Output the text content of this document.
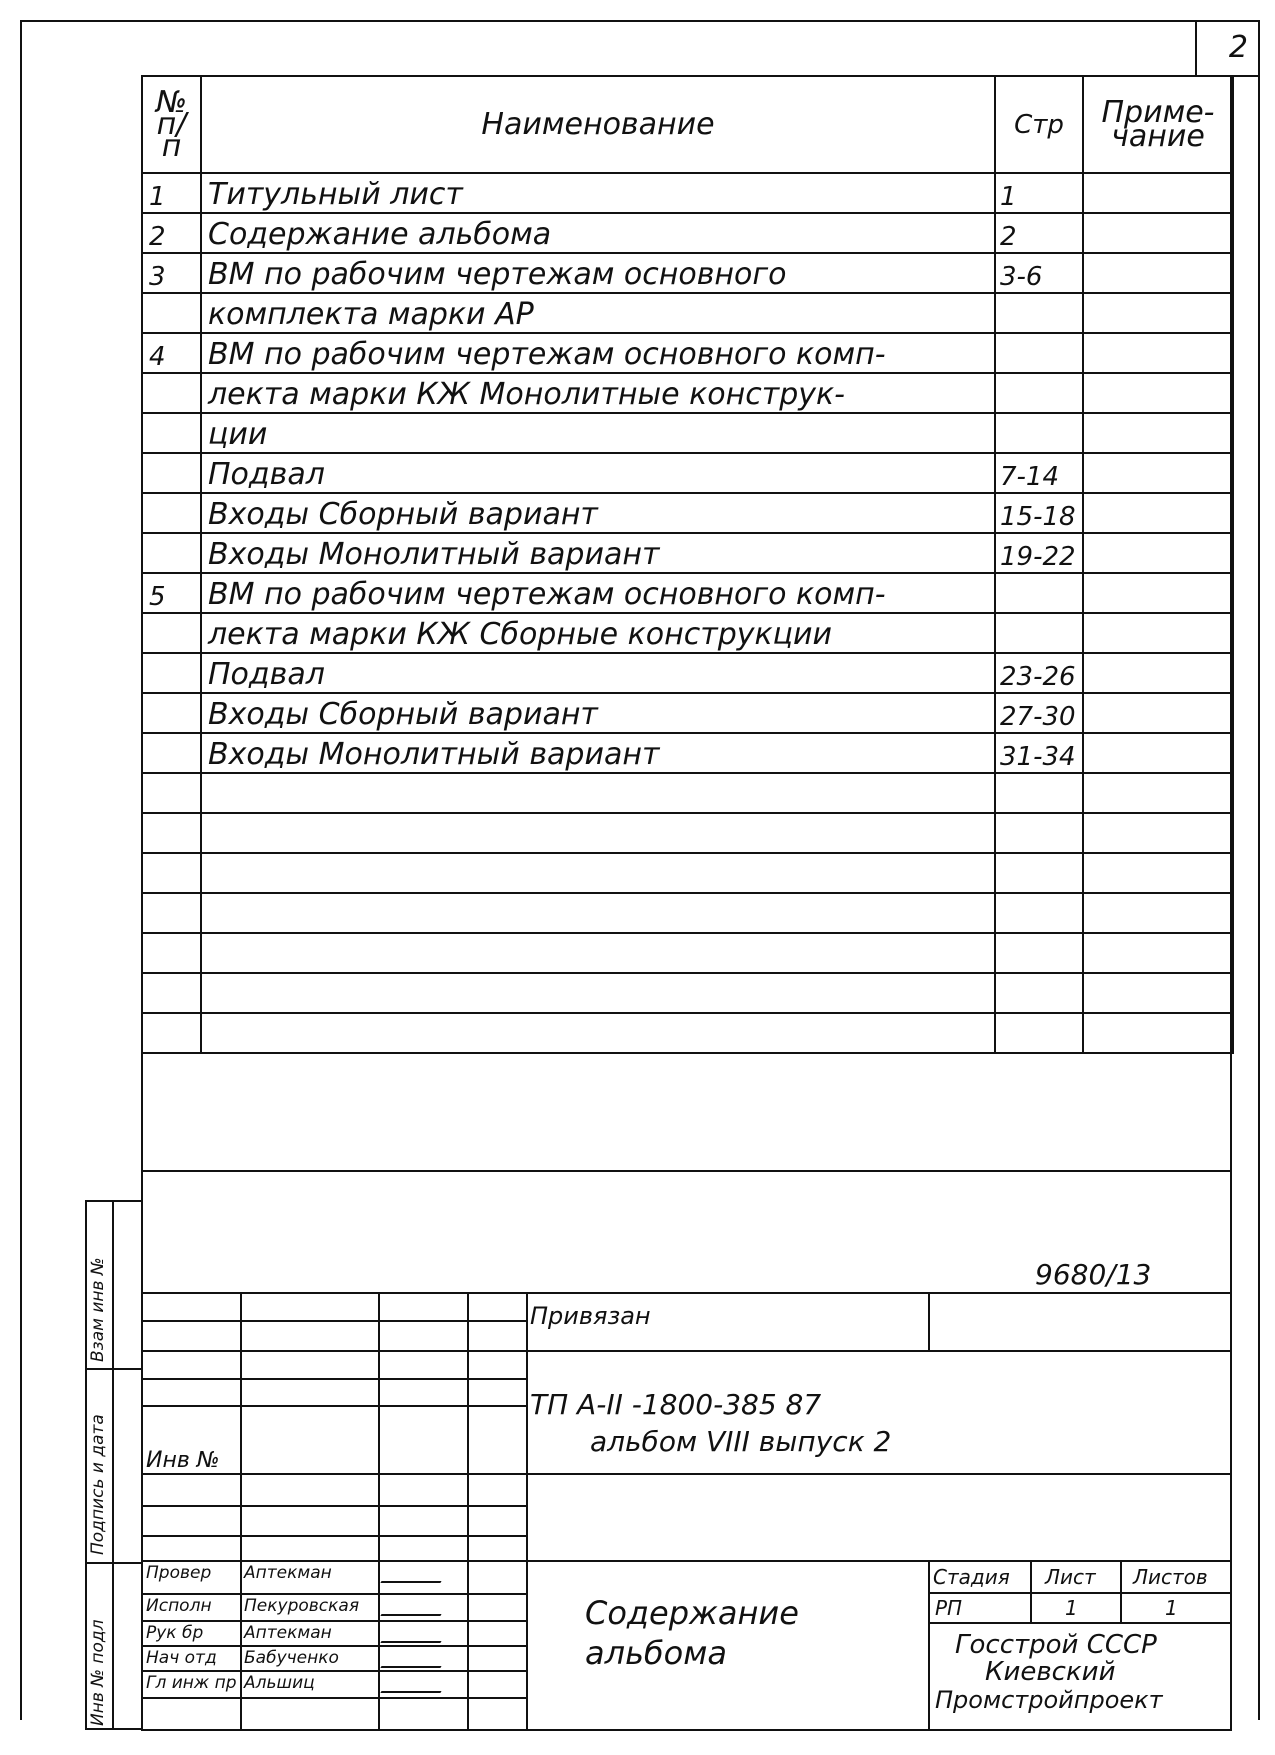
2
№ п/п	Наименование	Стр	Приме- чание
1	Титульный лист	1	
2	Содержание альбома	2	
3	ВМ по рабочим чертежам основного	3-6	
	комплекта марки АР		
4	ВМ по рабочим чертежам основного комп-		
	лекта марки КЖ Монолитные конструк-		
	ции		
	Подвал	7-14	
	Входы Сборный вариант	15-18	
	Входы Монолитный вариант	19-22	
5	ВМ по рабочим чертежам основного комп-		
	лекта марки КЖ Сборные конструкции		
	Подвал	23-26	
	Входы Сборный вариант	27-30	
	Входы Монолитный вариант	31-34	

Взам инв №
Подпись и дата
Инв № подл
9680/13
Привязан
ТП А-II -1800-385 87
альбом VIII выпуск 2
Инв №
Содержание альбома
Стадия Лист Листов
РП	1	1
Госстрой СССР
Киевский
Промстройпроект
Провер Аптекман
Исполн Пекуровская
Рук бр Аптекман
Нач отд Бабученко
Гл инж пр Альшиц
